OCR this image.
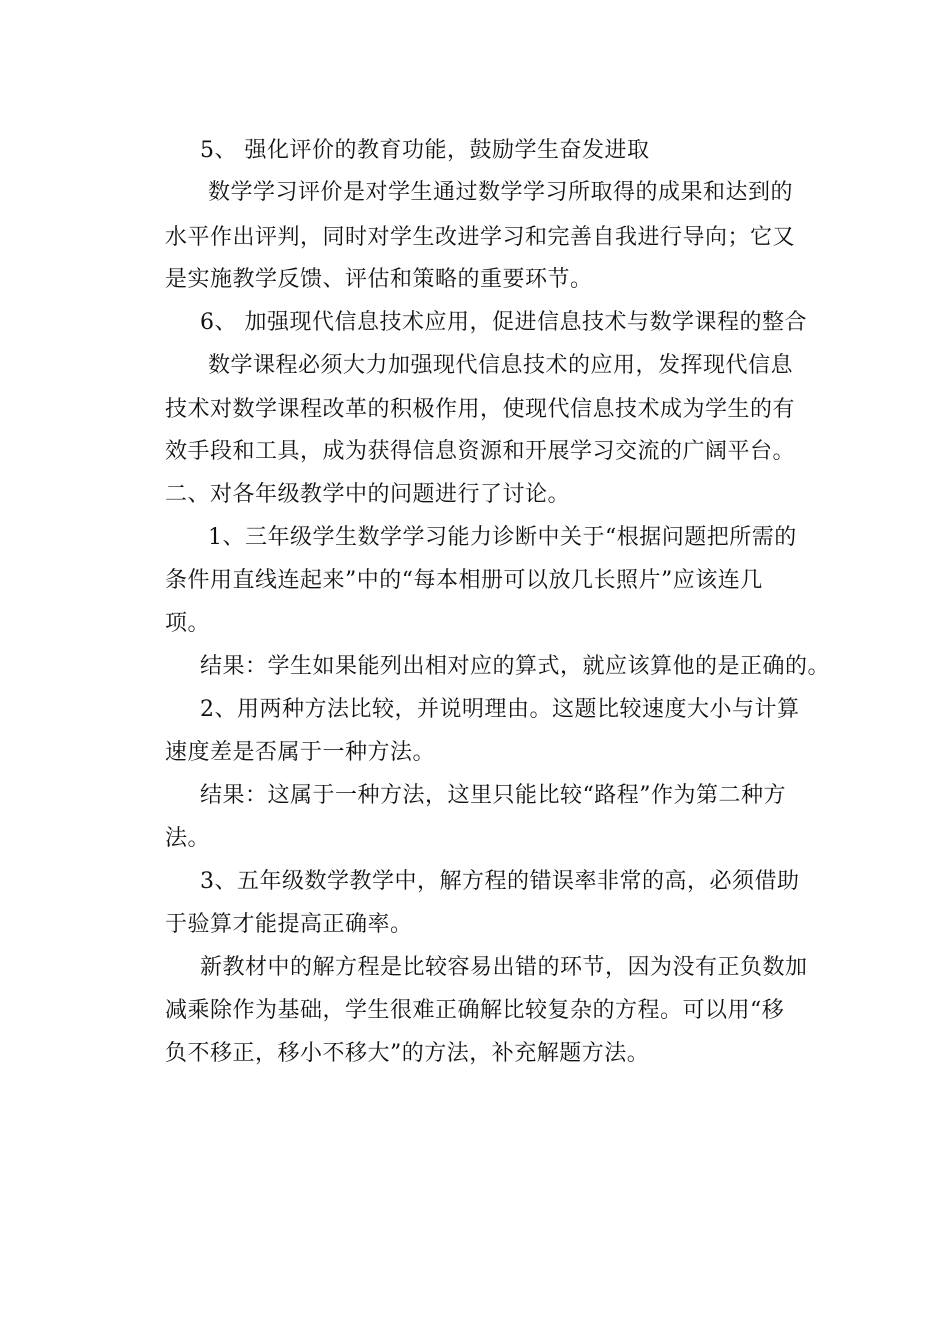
5、 强化评价的教育功能，鼓励学生奋发进取
数学学习评价是对学生通过数学学习所取得的成果和达到的
水平作出评判，同时对学生改进学习和完善自我进行导向；它又
是实施教学反馈、评估和策略的重要环节。
6、 加强现代信息技术应用，促进信息技术与数学课程的整合
数学课程必须大力加强现代信息技术的应用，发挥现代信息
技术对数学课程改革的积极作用，使现代信息技术成为学生的有
效手段和工具，成为获得信息资源和开展学习交流的广阔平台。
二、对各年级教学中的问题进行了讨论。
1、三年级学生数学学习能力诊断中关于“根据问题把所需的
条件用直线连起来”中的“每本相册可以放几长照片”应该连几
项。
结果：学生如果能列出相对应的算式，就应该算他的是正确的。
2、用两种方法比较，并说明理由。这题比较速度大小与计算
速度差是否属于一种方法。
结果：这属于一种方法，这里只能比较“路程”作为第二种方
法。
3、五年级数学教学中，解方程的错误率非常的高，必须借助
于验算才能提高正确率。
新教材中的解方程是比较容易出错的环节，因为没有正负数加
减乘除作为基础，学生很难正确解比较复杂的方程。可以用“移
负不移正，移小不移大”的方法，补充解题方法。
